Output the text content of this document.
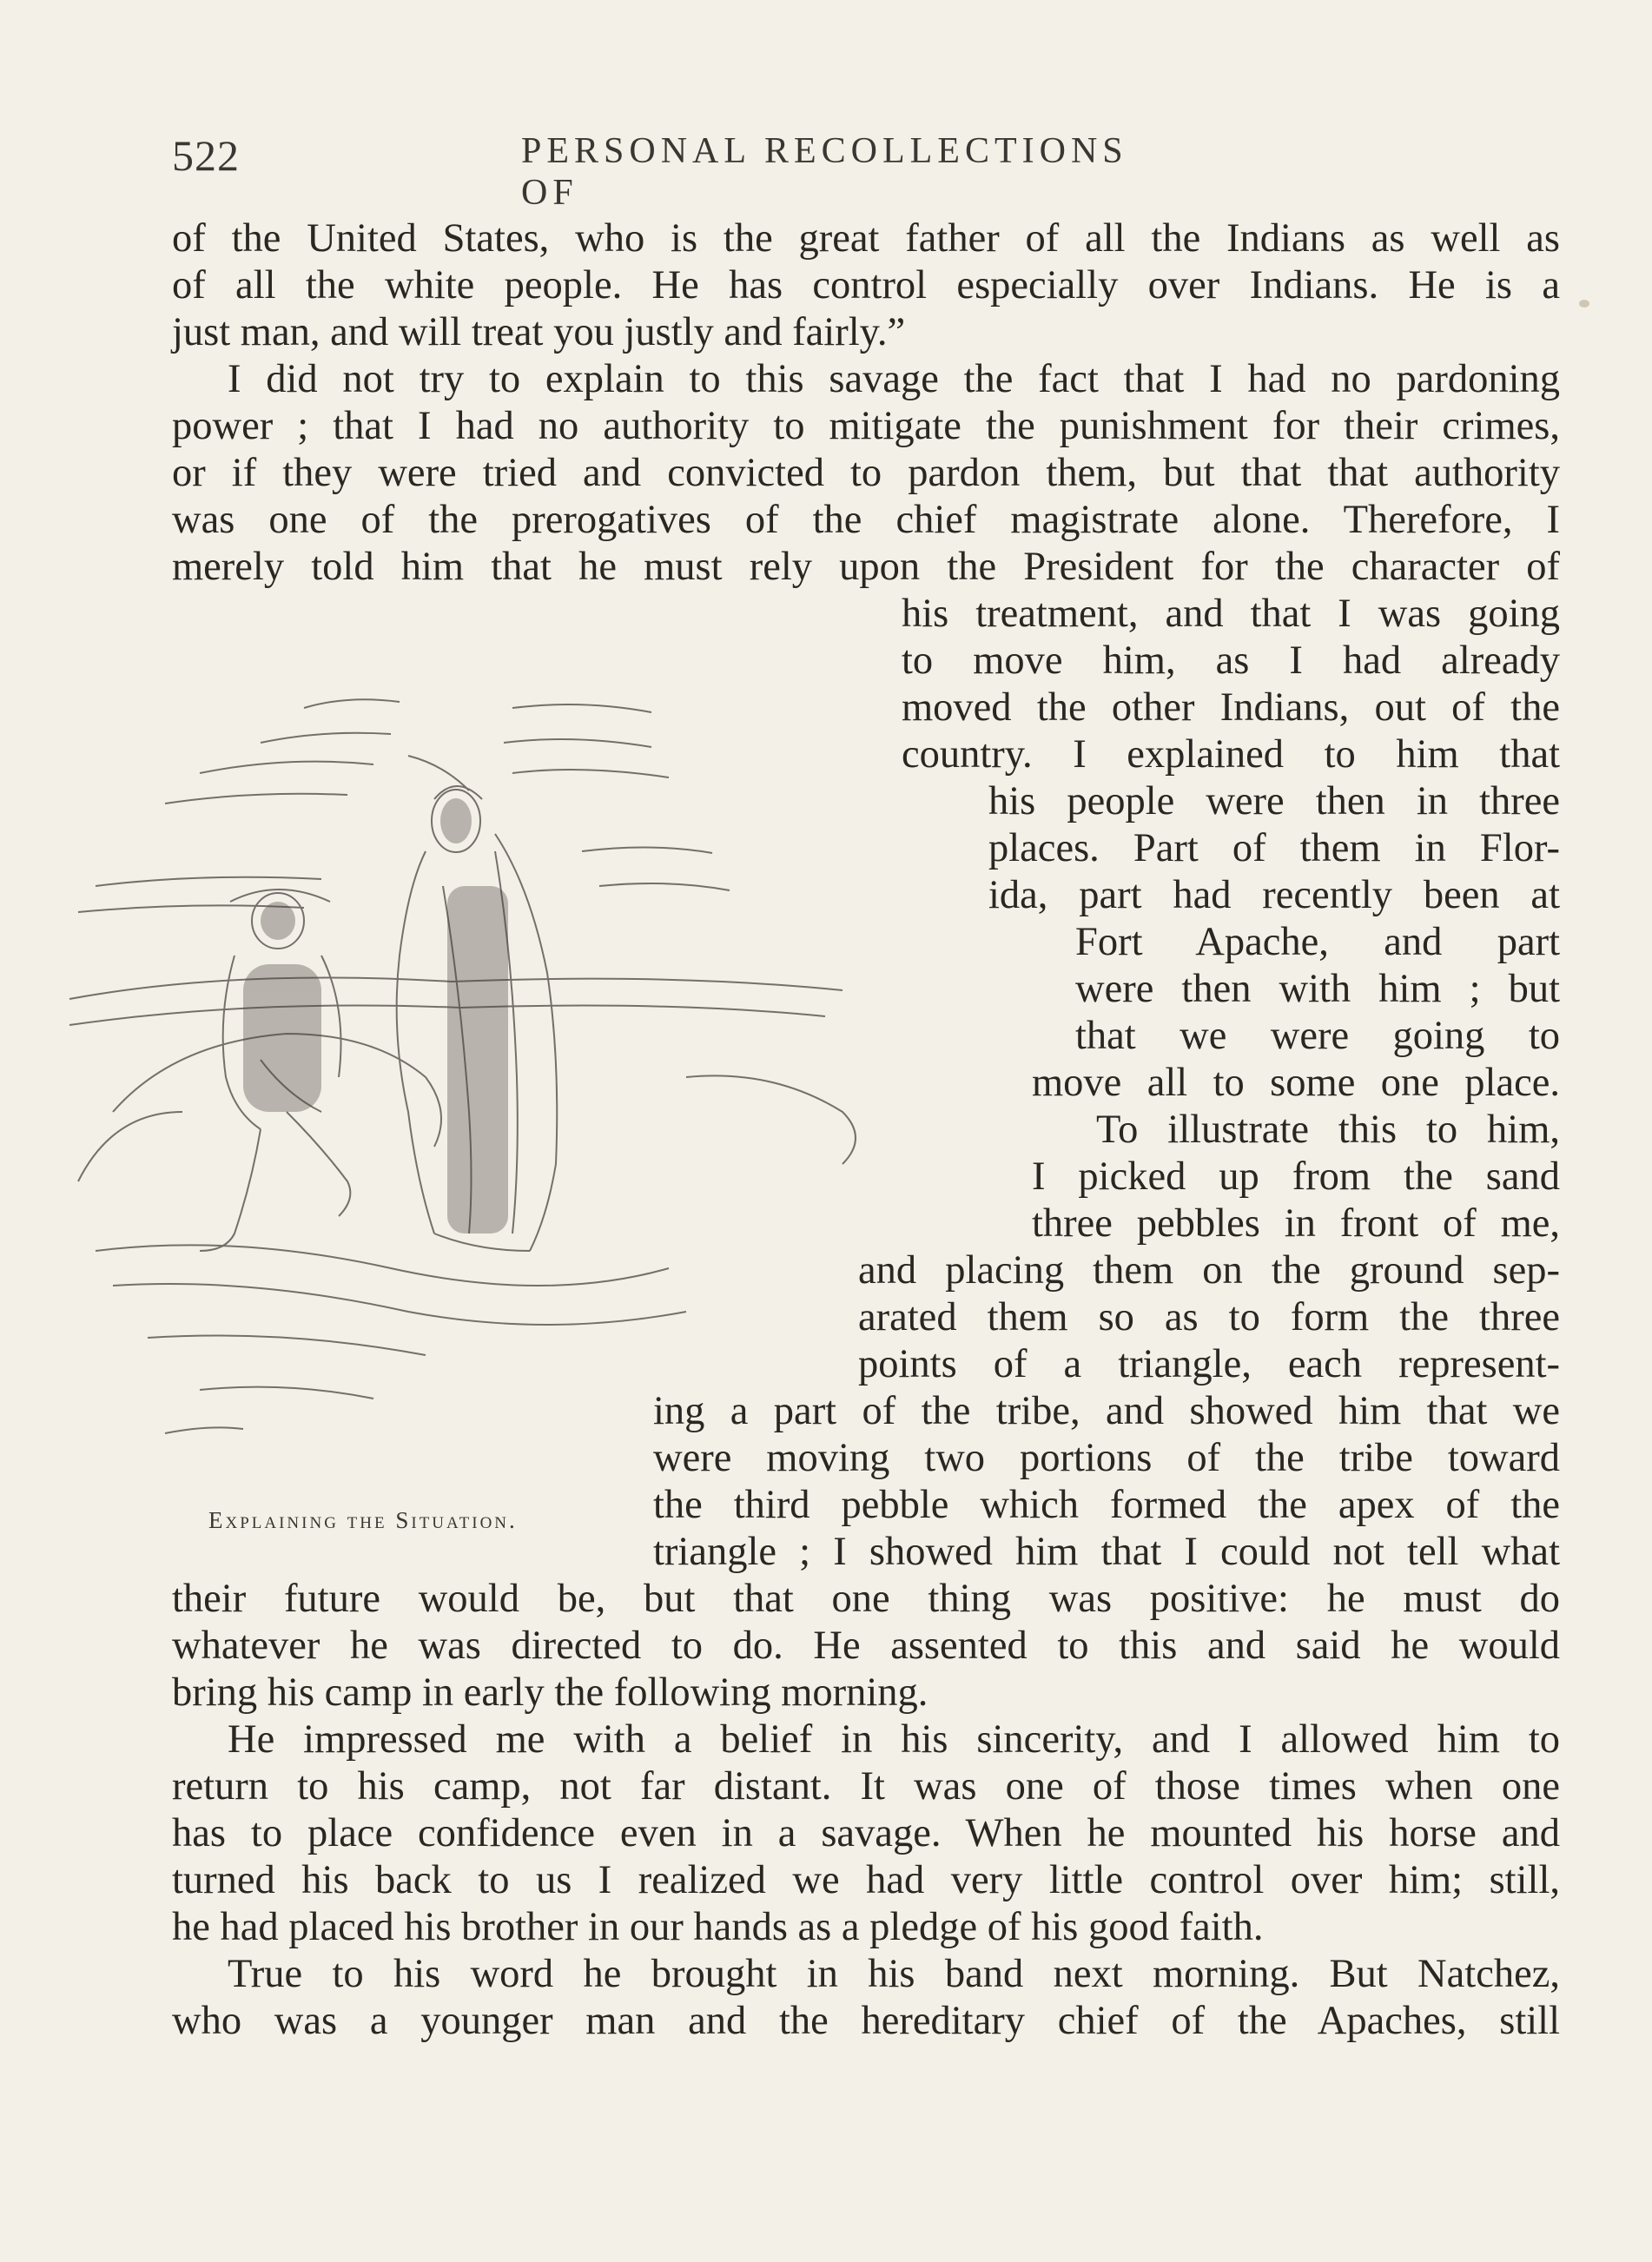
522	PERSONAL RECOLLECTIONS OF
Explaining the Situation.
of the United States, who is the great father of all the Indians as well as
of all the white people. He has control especially over Indians. He is a
just man, and will treat you justly and fairly.”
I did not try to explain to this savage the fact that I had no pardoning
power ; that I had no authority to mitigate the punishment for their crimes,
or if they were tried and convicted to pardon them, but that that authority
was one of the prerogatives of the chief magistrate alone. Therefore, I
merely told him that he must rely upon the President for the character of
his treatment, and that I was going
to move him, as I had already
moved the other Indians, out of the
country. I explained to him that
his people were then in three
places. Part of them in Flor-
ida, part had recently been at
Fort Apache, and part
were then with him ; but
that we were going to
move all to some one place.
To illustrate this to him,
I picked up from the sand
three pebbles in front of me,
and placing them on the ground sep-
arated them so as to form the three
points of a triangle, each represent-
ing a part of the tribe, and showed him that we
were moving two portions of the tribe toward
the third pebble which formed the apex of the
triangle ; I showed him that I could not tell what
their future would be, but that one thing was positive: he must do
whatever he was directed to do. He assented to this and said he would
bring his camp in early the following morning.
He impressed me with a belief in his sincerity, and I allowed him to
return to his camp, not far distant. It was one of those times when one
has to place confidence even in a savage. When he mounted his horse and
turned his back to us I realized we had very little control over him; still,
he had placed his brother in our hands as a pledge of his good faith.
True to his word he brought in his band next morning. But Natchez,
who was a younger man and the hereditary chief of the Apaches, still
